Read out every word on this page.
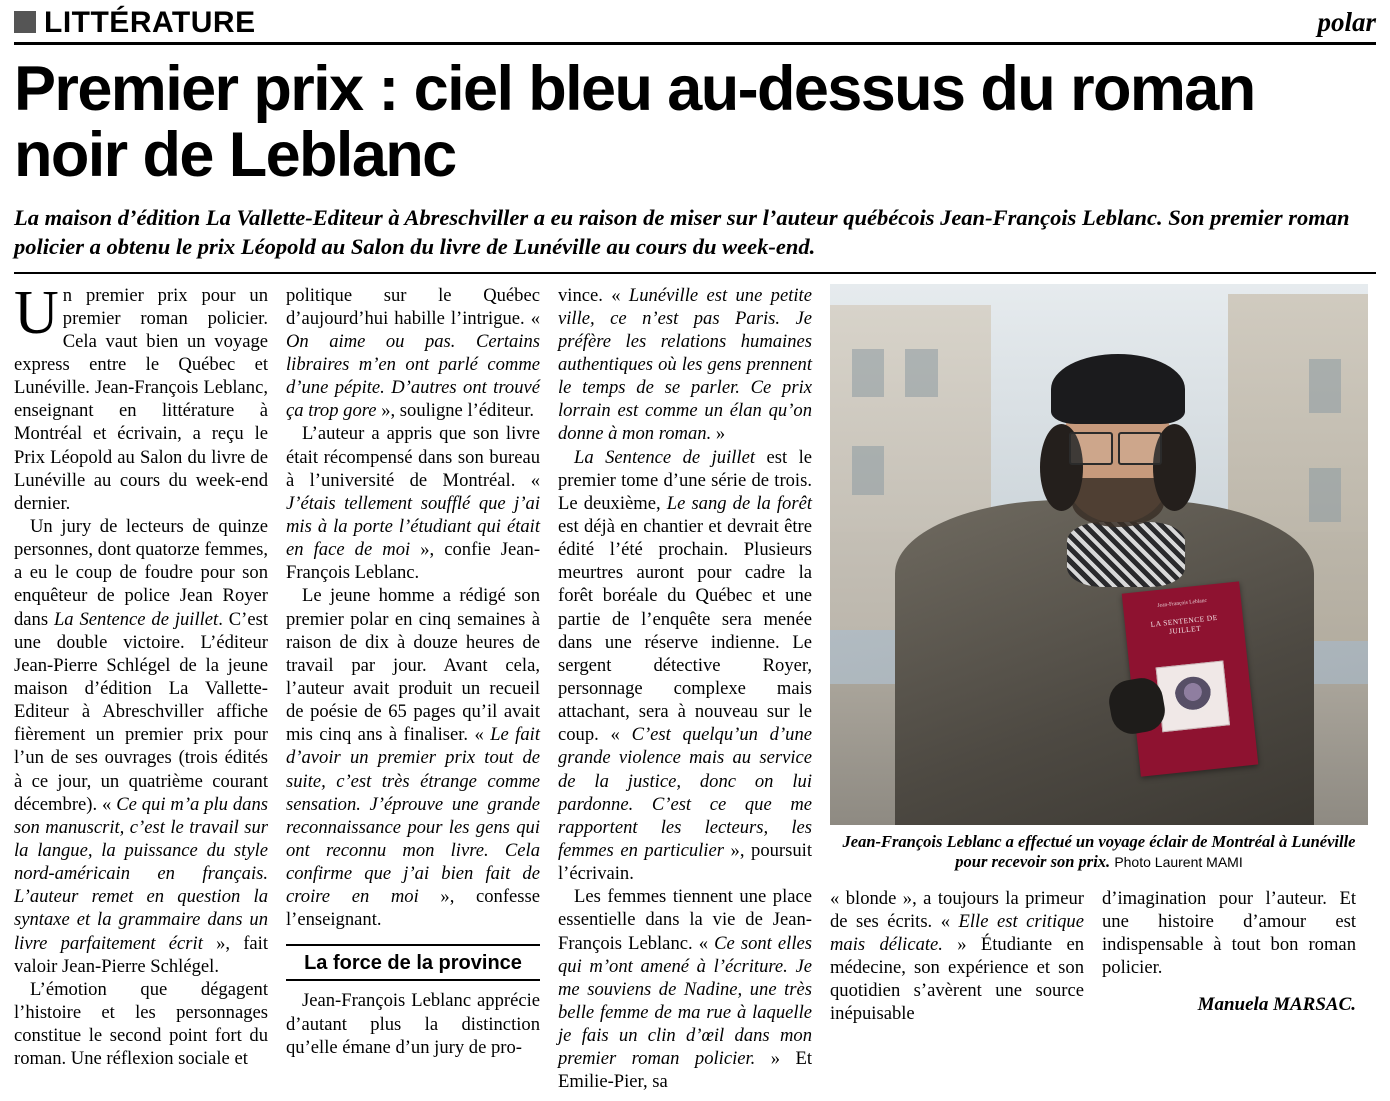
LITTÉRATURE	polar
Premier prix : ciel bleu au-dessus du roman noir de Leblanc
La maison d’édition La Vallette-Editeur à Abreschviller a eu raison de miser sur l’auteur québécois Jean-François Leblanc. Son premier roman policier a obtenu le prix Léopold au Salon du livre de Lunéville au cours du week-end.

Un premier prix pour un premier roman policier. Cela vaut bien un voyage express entre le Québec et Lunéville. Jean-François Leblanc, enseignant en littérature à Montréal et écrivain, a reçu le Prix Léopold au Salon du livre de Lunéville au cours du week-end dernier.

Un jury de lecteurs de quinze personnes, dont quatorze femmes, a eu le coup de foudre pour son enquêteur de police Jean Royer dans La Sentence de juillet. C’est une double victoire. L’éditeur Jean-Pierre Schlégel de la jeune maison d’édition La Vallette-Editeur à Abreschviller affiche fièrement un premier prix pour l’un de ses ouvrages (trois édités à ce jour, un quatrième courant décembre). « Ce qui m’a plu dans son manuscrit, c’est le travail sur la langue, la puissance du style nord-américain en français. L’auteur remet en question la syntaxe et la grammaire dans un livre parfaitement écrit », fait valoir Jean-Pierre Schlégel.

L’émotion que dégagent l’histoire et les personnages constitue le second point fort du roman. Une réflexion sociale et

politique sur le Québec d’aujourd’hui habille l’intrigue. « On aime ou pas. Certains libraires m’en ont parlé comme d’une pépite. D’autres ont trouvé ça trop gore », souligne l’éditeur.

L’auteur a appris que son livre était récompensé dans son bureau à l’université de Montréal. « J’étais tellement soufflé que j’ai mis à la porte l’étudiant qui était en face de moi », confie Jean-François Leblanc.

Le jeune homme a rédigé son premier polar en cinq semaines à raison de dix à douze heures de travail par jour. Avant cela, l’auteur avait produit un recueil de poésie de 65 pages qu’il avait mis cinq ans à finaliser. « Le fait d’avoir un premier prix tout de suite, c’est très étrange comme sensation. J’éprouve une grande reconnaissance pour les gens qui ont reconnu mon livre. Cela confirme que j’ai bien fait de croire en moi », confesse l’enseignant.

La force de la province

Jean-François Leblanc apprécie d’autant plus la distinction qu’elle émane d’un jury de pro-

vince. « Lunéville est une petite ville, ce n’est pas Paris. Je préfère les relations humaines authentiques où les gens prennent le temps de se parler. Ce prix lorrain est comme un élan qu’on donne à mon roman. »

La Sentence de juillet est le premier tome d’une série de trois. Le deuxième, Le sang de la forêt est déjà en chantier et devrait être édité l’été prochain. Plusieurs meurtres auront pour cadre la forêt boréale du Québec et une partie de l’enquête sera menée dans une réserve indienne. Le sergent détective Royer, personnage complexe mais attachant, sera à nouveau sur le coup. « C’est quelqu’un d’une grande violence mais au service de la justice, donc on lui pardonne. C’est ce que me rapportent les lecteurs, les femmes en particulier », poursuit l’écrivain.

Les femmes tiennent une place essentielle dans la vie de Jean-François Leblanc. « Ce sont elles qui m’ont amené à l’écriture. Je me souviens de Nadine, une très belle femme de ma rue à laquelle je fais un clin d’œil dans mon premier roman policier. » Et Emilie-Pier, sa

Jean-François Leblanc
LA SENTENCE DE JUILLET
Jean-François Leblanc a effectué un voyage éclair de Montréal à Lunéville pour recevoir son prix. Photo Laurent MAMI

« blonde », a toujours la primeur de ses écrits. « Elle est critique mais délicate. » Étudiante en médecine, son expérience et son quotidien s’avèrent une source inépuisable

d’imagination pour l’auteur. Et une histoire d’amour est indispensable à tout bon roman policier.

Manuela MARSAC.
